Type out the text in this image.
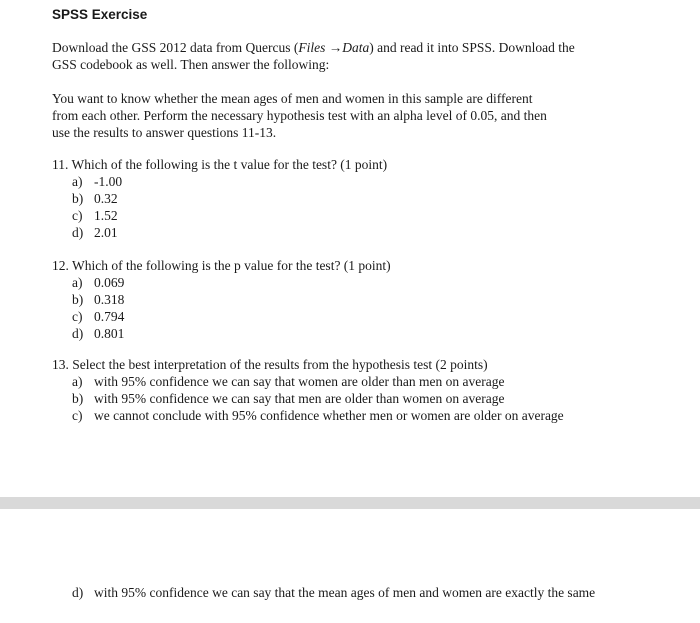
SPSS Exercise
Download the GSS 2012 data from Quercus (Files →Data) and read it into SPSS. Download the
GSS codebook as well. Then answer the following:
You want to know whether the mean ages of men and women in this sample are different
from each other. Perform the necessary hypothesis test with an alpha level of 0.05, and then
use the results to answer questions 11-13.
11. Which of the following is the t value for the test? (1 point)
a) -1.00
b) 0.32
c) 1.52
d) 2.01
12. Which of the following is the p value for the test? (1 point)
a) 0.069
b) 0.318
c) 0.794
d) 0.801
13. Select the best interpretation of the results from the hypothesis test (2 points)
a) with 95% confidence we can say that women are older than men on average
b) with 95% confidence we can say that men are older than women on average
c) we cannot conclude with 95% confidence whether men or women are older on average
d) with 95% confidence we can say that the mean ages of men and women are exactly the same
